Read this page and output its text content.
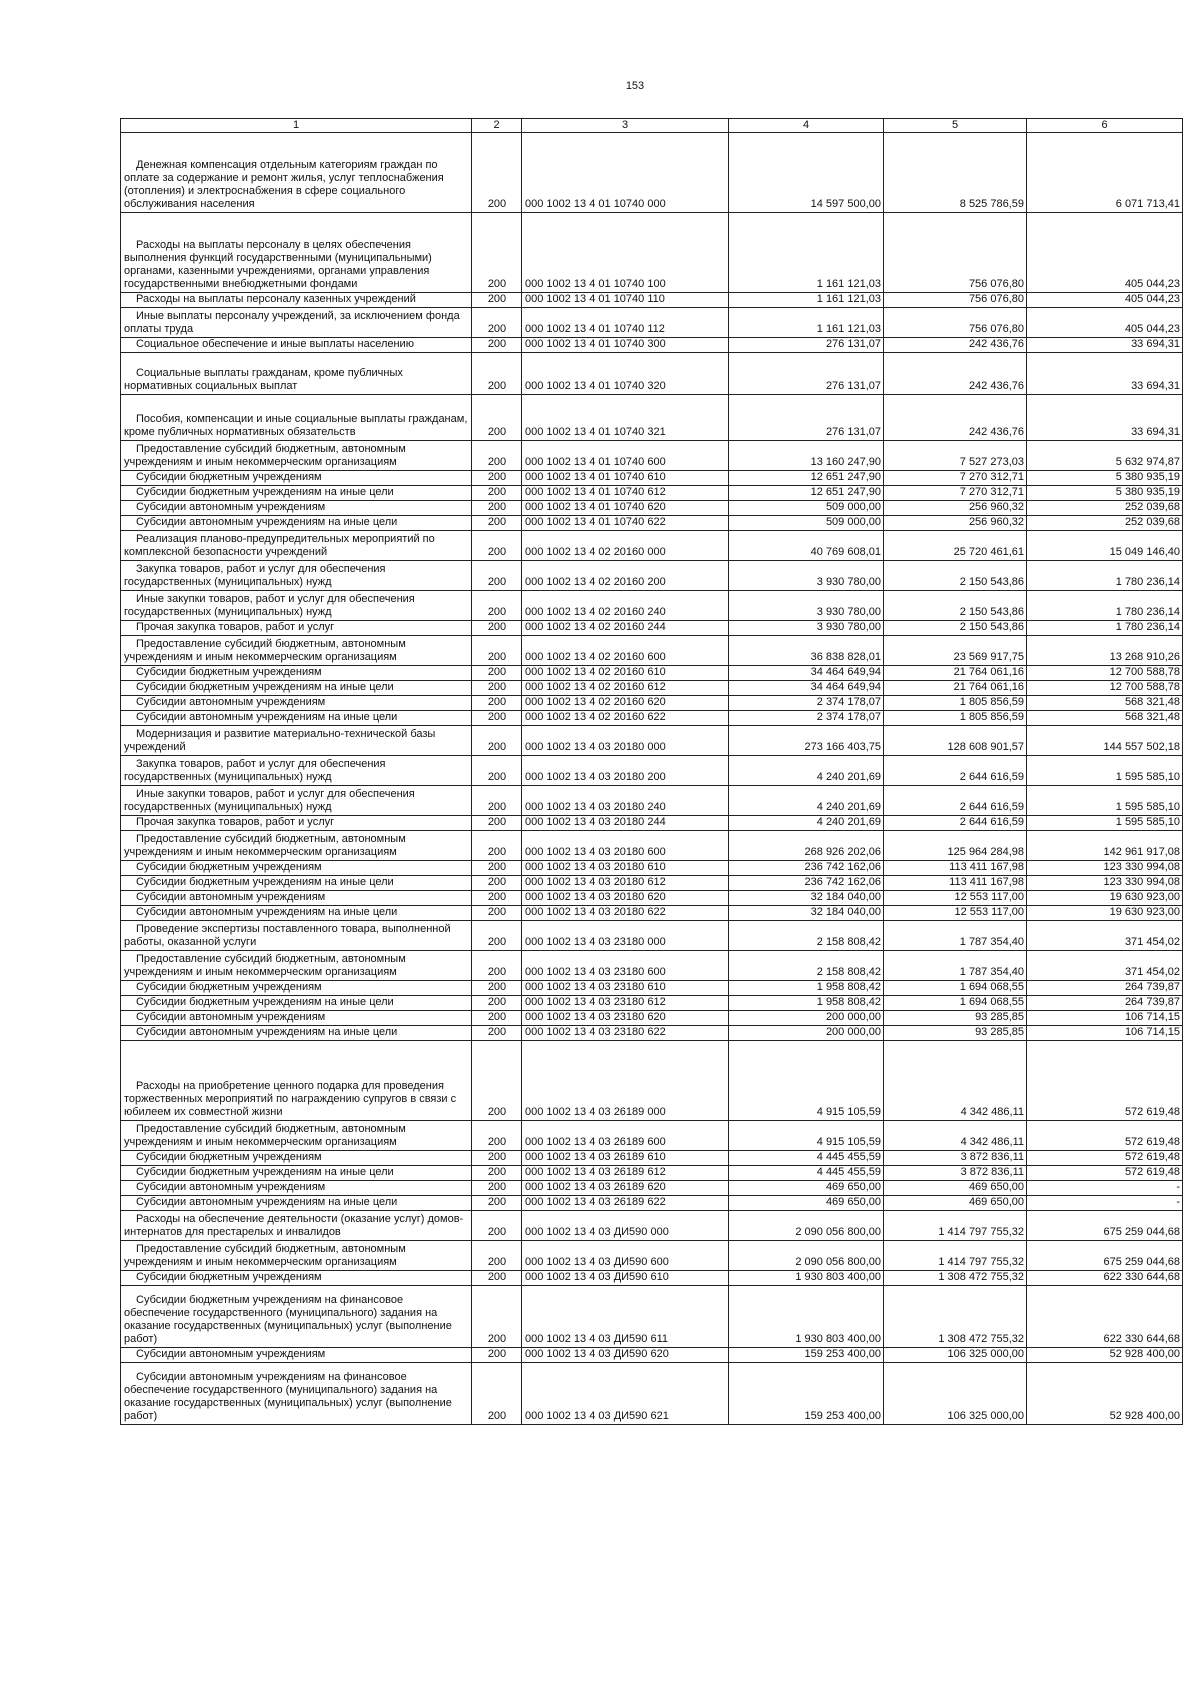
153
1	2	3	4	5	6
Денежная компенсация отдельным категориям граждан по оплате за содержание и ремонт жилья, услуг теплоснабжения (отопления) и электроснабжения в сфере социального обслуживания населения	200	000 1002 13 4 01 10740 000	14 597 500,00	8 525 786,59	6 071 713,41
Расходы на выплаты персоналу в целях обеспечения выполнения функций государственными (муниципальными) органами, казенными учреждениями, органами управления государственными внебюджетными фондами	200	000 1002 13 4 01 10740 100	1 161 121,03	756 076,80	405 044,23
Расходы на выплаты персоналу казенных учреждений	200	000 1002 13 4 01 10740 110	1 161 121,03	756 076,80	405 044,23
Иные выплаты персоналу учреждений, за исключением фонда оплаты труда	200	000 1002 13 4 01 10740 112	1 161 121,03	756 076,80	405 044,23
Социальное обеспечение и иные выплаты населению	200	000 1002 13 4 01 10740 300	276 131,07	242 436,76	33 694,31
Социальные выплаты гражданам, кроме публичных нормативных социальных выплат	200	000 1002 13 4 01 10740 320	276 131,07	242 436,76	33 694,31
Пособия, компенсации и иные социальные выплаты гражданам, кроме публичных нормативных обязательств	200	000 1002 13 4 01 10740 321	276 131,07	242 436,76	33 694,31
Предоставление субсидий бюджетным, автономным учреждениям и иным некоммерческим организациям	200	000 1002 13 4 01 10740 600	13 160 247,90	7 527 273,03	5 632 974,87
Субсидии бюджетным учреждениям	200	000 1002 13 4 01 10740 610	12 651 247,90	7 270 312,71	5 380 935,19
Субсидии бюджетным учреждениям на иные цели	200	000 1002 13 4 01 10740 612	12 651 247,90	7 270 312,71	5 380 935,19
Субсидии автономным учреждениям	200	000 1002 13 4 01 10740 620	509 000,00	256 960,32	252 039,68
Субсидии автономным учреждениям на иные цели	200	000 1002 13 4 01 10740 622	509 000,00	256 960,32	252 039,68
Реализация планово-предупредительных мероприятий по комплексной безопасности учреждений	200	000 1002 13 4 02 20160 000	40 769 608,01	25 720 461,61	15 049 146,40
Закупка товаров, работ и услуг для обеспечения государственных (муниципальных) нужд	200	000 1002 13 4 02 20160 200	3 930 780,00	2 150 543,86	1 780 236,14
Иные закупки товаров, работ и услуг для обеспечения государственных (муниципальных) нужд	200	000 1002 13 4 02 20160 240	3 930 780,00	2 150 543,86	1 780 236,14
Прочая закупка товаров, работ и услуг	200	000 1002 13 4 02 20160 244	3 930 780,00	2 150 543,86	1 780 236,14
Предоставление субсидий бюджетным, автономным учреждениям и иным некоммерческим организациям	200	000 1002 13 4 02 20160 600	36 838 828,01	23 569 917,75	13 268 910,26
Субсидии бюджетным учреждениям	200	000 1002 13 4 02 20160 610	34 464 649,94	21 764 061,16	12 700 588,78
Субсидии бюджетным учреждениям на иные цели	200	000 1002 13 4 02 20160 612	34 464 649,94	21 764 061,16	12 700 588,78
Субсидии автономным учреждениям	200	000 1002 13 4 02 20160 620	2 374 178,07	1 805 856,59	568 321,48
Субсидии автономным учреждениям на иные цели	200	000 1002 13 4 02 20160 622	2 374 178,07	1 805 856,59	568 321,48
Модернизация и развитие материально-технической базы учреждений	200	000 1002 13 4 03 20180 000	273 166 403,75	128 608 901,57	144 557 502,18
Закупка товаров, работ и услуг для обеспечения государственных (муниципальных) нужд	200	000 1002 13 4 03 20180 200	4 240 201,69	2 644 616,59	1 595 585,10
Иные закупки товаров, работ и услуг для обеспечения государственных (муниципальных) нужд	200	000 1002 13 4 03 20180 240	4 240 201,69	2 644 616,59	1 595 585,10
Прочая закупка товаров, работ и услуг	200	000 1002 13 4 03 20180 244	4 240 201,69	2 644 616,59	1 595 585,10
Предоставление субсидий бюджетным, автономным учреждениям и иным некоммерческим организациям	200	000 1002 13 4 03 20180 600	268 926 202,06	125 964 284,98	142 961 917,08
Субсидии бюджетным учреждениям	200	000 1002 13 4 03 20180 610	236 742 162,06	113 411 167,98	123 330 994,08
Субсидии бюджетным учреждениям на иные цели	200	000 1002 13 4 03 20180 612	236 742 162,06	113 411 167,98	123 330 994,08
Субсидии автономным учреждениям	200	000 1002 13 4 03 20180 620	32 184 040,00	12 553 117,00	19 630 923,00
Субсидии автономным учреждениям на иные цели	200	000 1002 13 4 03 20180 622	32 184 040,00	12 553 117,00	19 630 923,00
Проведение экспертизы поставленного товара, выполненной работы, оказанной услуги	200	000 1002 13 4 03 23180 000	2 158 808,42	1 787 354,40	371 454,02
Предоставление субсидий бюджетным, автономным учреждениям и иным некоммерческим организациям	200	000 1002 13 4 03 23180 600	2 158 808,42	1 787 354,40	371 454,02
Субсидии бюджетным учреждениям	200	000 1002 13 4 03 23180 610	1 958 808,42	1 694 068,55	264 739,87
Субсидии бюджетным учреждениям на иные цели	200	000 1002 13 4 03 23180 612	1 958 808,42	1 694 068,55	264 739,87
Субсидии автономным учреждениям	200	000 1002 13 4 03 23180 620	200 000,00	93 285,85	106 714,15
Субсидии автономным учреждениям на иные цели	200	000 1002 13 4 03 23180 622	200 000,00	93 285,85	106 714,15
Расходы на приобретение ценного подарка для проведения торжественных мероприятий по награждению супругов в связи с юбилеем их совместной жизни	200	000 1002 13 4 03 26189 000	4 915 105,59	4 342 486,11	572 619,48
Предоставление субсидий бюджетным, автономным учреждениям и иным некоммерческим организациям	200	000 1002 13 4 03 26189 600	4 915 105,59	4 342 486,11	572 619,48
Субсидии бюджетным учреждениям	200	000 1002 13 4 03 26189 610	4 445 455,59	3 872 836,11	572 619,48
Субсидии бюджетным учреждениям на иные цели	200	000 1002 13 4 03 26189 612	4 445 455,59	3 872 836,11	572 619,48
Субсидии автономным учреждениям	200	000 1002 13 4 03 26189 620	469 650,00	469 650,00	-
Субсидии автономным учреждениям на иные цели	200	000 1002 13 4 03 26189 622	469 650,00	469 650,00	-
Расходы на обеспечение деятельности (оказание услуг) домов-интернатов для престарелых и инвалидов	200	000 1002 13 4 03 ДИ590 000	2 090 056 800,00	1 414 797 755,32	675 259 044,68
Предоставление субсидий бюджетным, автономным учреждениям и иным некоммерческим организациям	200	000 1002 13 4 03 ДИ590 600	2 090 056 800,00	1 414 797 755,32	675 259 044,68
Субсидии бюджетным учреждениям	200	000 1002 13 4 03 ДИ590 610	1 930 803 400,00	1 308 472 755,32	622 330 644,68
Субсидии бюджетным учреждениям на финансовое обеспечение государственного (муниципального) задания на оказание государственных (муниципальных) услуг (выполнение работ)	200	000 1002 13 4 03 ДИ590 611	1 930 803 400,00	1 308 472 755,32	622 330 644,68
Субсидии автономным учреждениям	200	000 1002 13 4 03 ДИ590 620	159 253 400,00	106 325 000,00	52 928 400,00
Субсидии автономным учреждениям на финансовое обеспечение государственного (муниципального) задания на оказание государственных (муниципальных) услуг (выполнение работ)	200	000 1002 13 4 03 ДИ590 621	159 253 400,00	106 325 000,00	52 928 400,00
